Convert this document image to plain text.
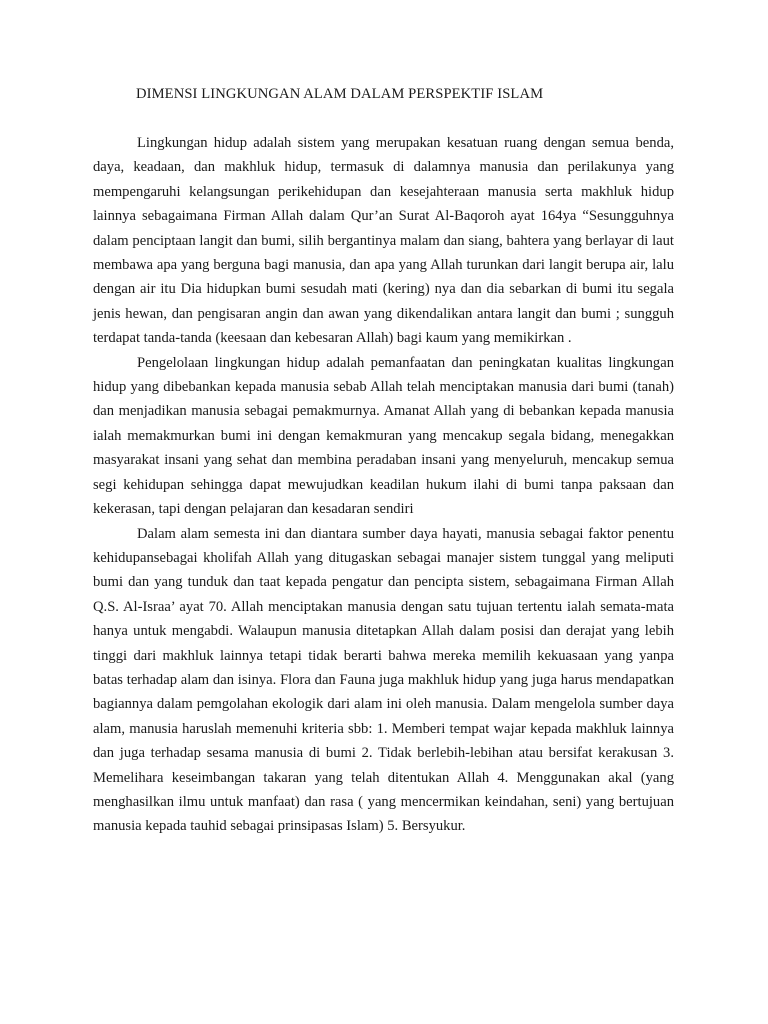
DIMENSI LINGKUNGAN ALAM DALAM PERSPEKTIF ISLAM

Lingkungan hidup adalah sistem yang merupakan kesatuan ruang dengan semua benda, daya, keadaan, dan makhluk hidup, termasuk di dalamnya manusia dan perilakunya yang mempengaruhi kelangsungan perikehidupan dan kesejahteraan manusia serta makhluk hidup lainnya sebagaimana Firman Allah dalam Qur’an Surat Al-Baqoroh ayat 164ya “Sesungguhnya dalam penciptaan langit dan bumi, silih bergantinya malam dan siang, bahtera yang berlayar di laut membawa apa yang berguna bagi manusia, dan apa yang Allah turunkan dari langit berupa air, lalu dengan air itu Dia hidupkan bumi sesudah mati (kering) nya dan dia sebarkan di bumi itu segala jenis hewan, dan pengisaran angin dan awan yang dikendalikan antara langit dan bumi ; sungguh terdapat tanda-tanda (keesaan dan kebesaran Allah) bagi kaum yang memikirkan .

Pengelolaan lingkungan hidup adalah pemanfaatan dan peningkatan kualitas lingkungan hidup yang dibebankan kepada manusia sebab Allah telah menciptakan manusia dari bumi (tanah) dan menjadikan manusia sebagai pemakmurnya. Amanat Allah yang di bebankan kepada manusia ialah memakmurkan bumi ini dengan kemakmuran yang mencakup segala bidang, menegakkan masyarakat insani yang sehat dan membina peradaban insani yang menyeluruh, mencakup semua segi kehidupan sehingga dapat mewujudkan keadilan hukum ilahi di bumi tanpa paksaan dan kekerasan, tapi dengan pelajaran dan kesadaran sendiri

Dalam alam semesta ini dan diantara sumber daya hayati, manusia sebagai faktor penentu kehidupansebagai kholifah Allah yang ditugaskan sebagai manajer sistem tunggal yang meliputi bumi dan yang tunduk dan taat kepada pengatur dan pencipta sistem, sebagaimana Firman Allah Q.S. Al-Israa’ ayat 70. Allah menciptakan manusia dengan satu tujuan tertentu ialah semata-mata hanya untuk mengabdi. Walaupun manusia ditetapkan Allah dalam posisi dan derajat yang lebih tinggi dari makhluk lainnya tetapi tidak berarti bahwa mereka memilih kekuasaan yang yanpa batas terhadap alam dan isinya. Flora dan Fauna juga makhluk hidup yang juga harus mendapatkan bagiannya dalam pemgolahan ekologik dari alam ini oleh manusia. Dalam mengelola sumber daya alam, manusia haruslah memenuhi kriteria sbb: 1. Memberi tempat wajar kepada makhluk lainnya dan juga terhadap sesama manusia di bumi 2. Tidak berlebih-lebihan atau bersifat kerakusan 3. Memelihara keseimbangan takaran yang telah ditentukan Allah 4. Menggunakan akal (yang menghasilkan ilmu untuk manfaat) dan rasa ( yang mencermikan keindahan, seni) yang bertujuan manusia kepada tauhid sebagai prinsipasas Islam) 5. Bersyukur.
